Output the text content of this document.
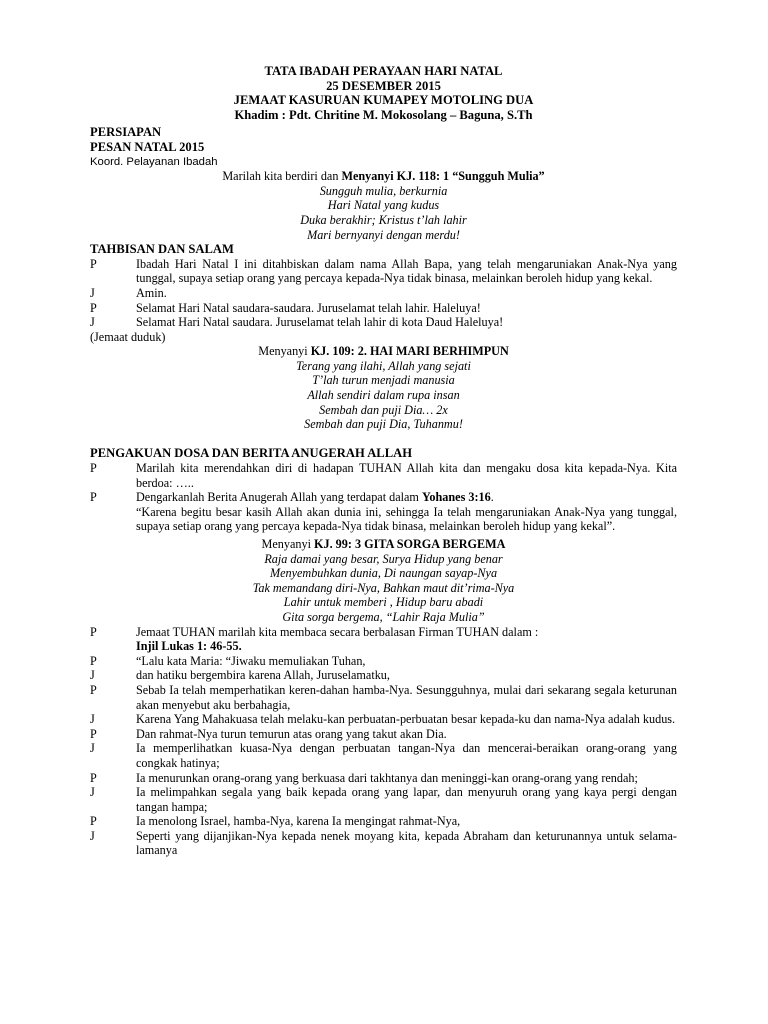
TATA IBADAH PERAYAAN HARI NATAL
25 DESEMBER 2015
JEMAAT KASURUAN KUMAPEY MOTOLING DUA
Khadim : Pdt. Chritine M. Mokosolang – Baguna, S.Th
PERSIAPAN
PESAN NATAL 2015
Koord. Pelayanan Ibadah
Marilah kita berdiri dan Menyanyi KJ. 118: 1 “Sungguh Mulia”
Sungguh mulia, berkurnia
Hari Natal yang kudus
Duka berakhir; Kristus t’lah lahir
Mari bernyanyi dengan merdu!
TAHBISAN DAN SALAM
P	Ibadah Hari Natal I ini ditahbiskan dalam nama Allah Bapa, yang telah mengaruniakan Anak-Nya yang tunggal, supaya setiap orang yang percaya kepada-Nya tidak binasa, melainkan beroleh hidup yang kekal.
J	Amin.
P	Selamat Hari Natal saudara-saudara. Juruselamat telah lahir. Haleluya!
J	Selamat Hari Natal saudara. Juruselamat telah lahir di kota Daud Haleluya!
(Jemaat duduk)
Menyanyi KJ. 109: 2. HAI MARI BERHIMPUN
Terang yang ilahi, Allah yang sejati
T’lah turun menjadi manusia
Allah sendiri dalam rupa insan
Sembah dan puji Dia… 2x
Sembah dan puji Dia, Tuhanmu!
PENGAKUAN DOSA DAN BERITA ANUGERAH ALLAH
P	Marilah kita merendahkan diri di hadapan TUHAN Allah kita dan mengaku dosa kita kepada-Nya. Kita berdoa: …..
P	Dengarkanlah Berita Anugerah Allah yang terdapat dalam Yohanes 3:16.
“Karena begitu besar kasih Allah akan dunia ini, sehingga Ia telah mengaruniakan Anak-Nya yang tunggal, supaya setiap orang yang percaya kepada-Nya tidak binasa, melainkan beroleh hidup yang kekal”.
Menyanyi KJ. 99: 3 GITA SORGA BERGEMA
Raja damai yang besar, Surya Hidup yang benar
Menyembuhkan dunia, Di naungan sayap-Nya
Tak memandang diri-Nya, Bahkan maut dit’rima-Nya
Lahir untuk memberi , Hidup baru abadi
Gita sorga bergema, “Lahir Raja Mulia”
P	Jemaat TUHAN marilah kita membaca secara berbalasan Firman TUHAN dalam :
Injil Lukas 1: 46-55.
P	“Lalu kata Maria: “Jiwaku memuliakan Tuhan,
J	dan hatiku bergembira karena Allah, Juruselamatku,
P	Sebab Ia telah memperhatikan keren-dahan hamba-Nya. Sesungguhnya, mulai dari sekarang segala keturunan akan menyebut aku berbahagia,
J	Karena Yang Mahakuasa telah melaku-kan perbuatan-perbuatan besar kepada-ku dan nama-Nya adalah kudus.
P	Dan rahmat-Nya turun temurun atas orang yang takut akan Dia.
J	Ia memperlihatkan kuasa-Nya dengan perbuatan tangan-Nya dan mencerai-beraikan orang-orang yang congkak hatinya;
P	Ia menurunkan orang-orang yang berkuasa dari takhtanya dan meninggi-kan orang-orang yang rendah;
J	Ia melimpahkan segala yang baik kepada orang yang lapar, dan menyuruh orang yang kaya pergi dengan tangan hampa;
P	Ia menolong Israel, hamba-Nya, karena Ia mengingat rahmat-Nya,
J	Seperti yang dijanjikan-Nya kepada nenek moyang kita, kepada Abraham dan keturunannya untuk selama-lamanya
